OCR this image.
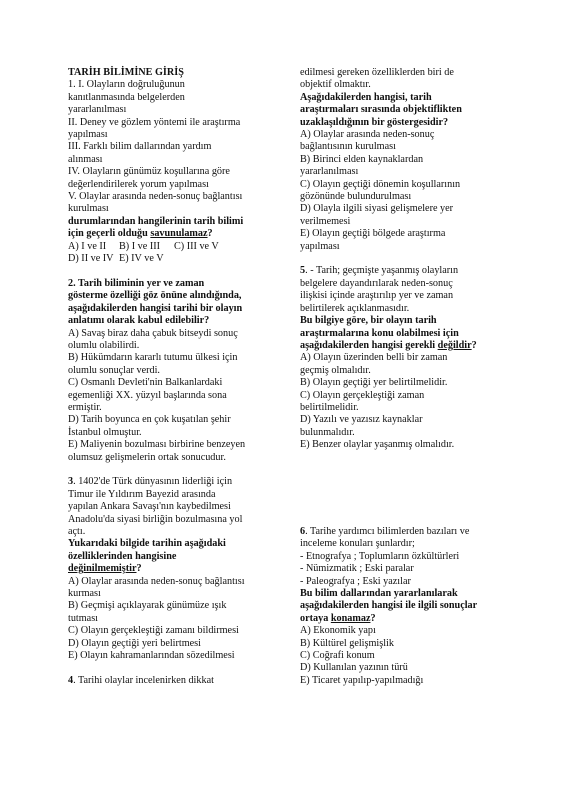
TARİH BİLİMİNE GİRİŞ
1. I. Olayların doğruluğunun
kanıtlanmasında belgelerden
yararlanılması
II. Deney ve gözlem yöntemi ile araştırma
yapılması
III. Farklı bilim dallarından yardım
alınması
IV. Olayların günümüz koşullarına göre
değerlendirilerek yorum yapılması
V. Olaylar arasında neden-sonuç bağlantısı
kurulması
durumlarından hangilerinin tarih bilimi
için geçerli olduğu savunulamaz?
A) I ve II B) I ve III C) III ve V
D) II ve IV E) IV ve V
2. Tarih biliminin yer ve zaman
gösterme özelliği göz önüne alındığında,
aşağıdakilerden hangisi tarihi bir olayın
anlatımı olarak kabul edilebilir?
A) Savaş biraz daha çabuk bitseydi sonuç
olumlu olabilirdi.
B) Hükümdarın kararlı tutumu ülkesi için
olumlu sonuçlar verdi.
C) Osmanlı Devleti'nin Balkanlardaki
egemenliği XX. yüzyıl başlarında sona
ermiştir.
D) Tarih boyunca en çok kuşatılan şehir
İstanbul olmuştur.
E) Maliyenin bozulması birbirine benzeyen
olumsuz gelişmelerin ortak sonucudur.
3. 1402'de Türk dünyasının liderliği için
Timur ile Yıldırım Bayezid arasında
yapılan Ankara Savaşı'nın kaybedilmesi
Anadolu'da siyasi birliğin bozulmasına yol
açtı.
Yukarıdaki bilgide tarihin aşağıdaki
özelliklerinden hangisine
değinilmemiştir?
A) Olaylar arasında neden-sonuç bağlantısı
kurması
B) Geçmişi açıklayarak günümüze ışık
tutması
C) Olayın gerçekleştiği zamanı bildirmesi
D) Olayın geçtiği yeri belirtmesi
E) Olayın kahramanlarından sözedilmesi
4. Tarihi olaylar incelenirken dikkat
edilmesi gereken özelliklerden biri de
objektif olmaktır.
Aşağıdakilerden hangisi, tarih
araştırmaları sırasında objektiflikten
uzaklaşıldığının bir göstergesidir?
A) Olaylar arasında neden-sonuç
bağlantısının kurulması
B) Birinci elden kaynaklardan
yararlanılması
C) Olayın geçtiği dönemin koşullarının
gözönünde bulundurulması
D) Olayla ilgili siyasi gelişmelere yer
verilmemesi
E) Olayın geçtiği bölgede araştırma
yapılması
5. - Tarih; geçmişte yaşanmış olayların
belgelere dayandırılarak neden-sonuç
ilişkisi içinde araştırılıp yer ve zaman
belirtilerek açıklanmasıdır.
Bu bilgiye göre, bir olayın tarih
araştırmalarına konu olabilmesi için
aşağıdakilerden hangisi gerekli değildir?
A) Olayın üzerinden belli bir zaman
geçmiş olmalıdır.
B) Olayın geçtiği yer belirtilmelidir.
C) Olayın gerçekleştiği zaman
belirtilmelidir.
D) Yazılı ve yazısız kaynaklar
bulunmalıdır.
E) Benzer olaylar yaşanmış olmalıdır.
6. Tarihe yardımcı bilimlerden bazıları ve
inceleme konuları şunlardır;
- Etnografya ; Toplumların özkültürleri
- Nümizmatik ; Eski paralar
- Paleografya ; Eski yazılar
Bu bilim dallarından yararlanılarak
aşağıdakilerden hangisi ile ilgili sonuçlar
ortaya konamaz?
A) Ekonomik yapı
B) Kültürel gelişmişlik
C) Coğrafi konum
D) Kullanılan yazının türü
E) Ticaret yapılıp-yapılmadığı
